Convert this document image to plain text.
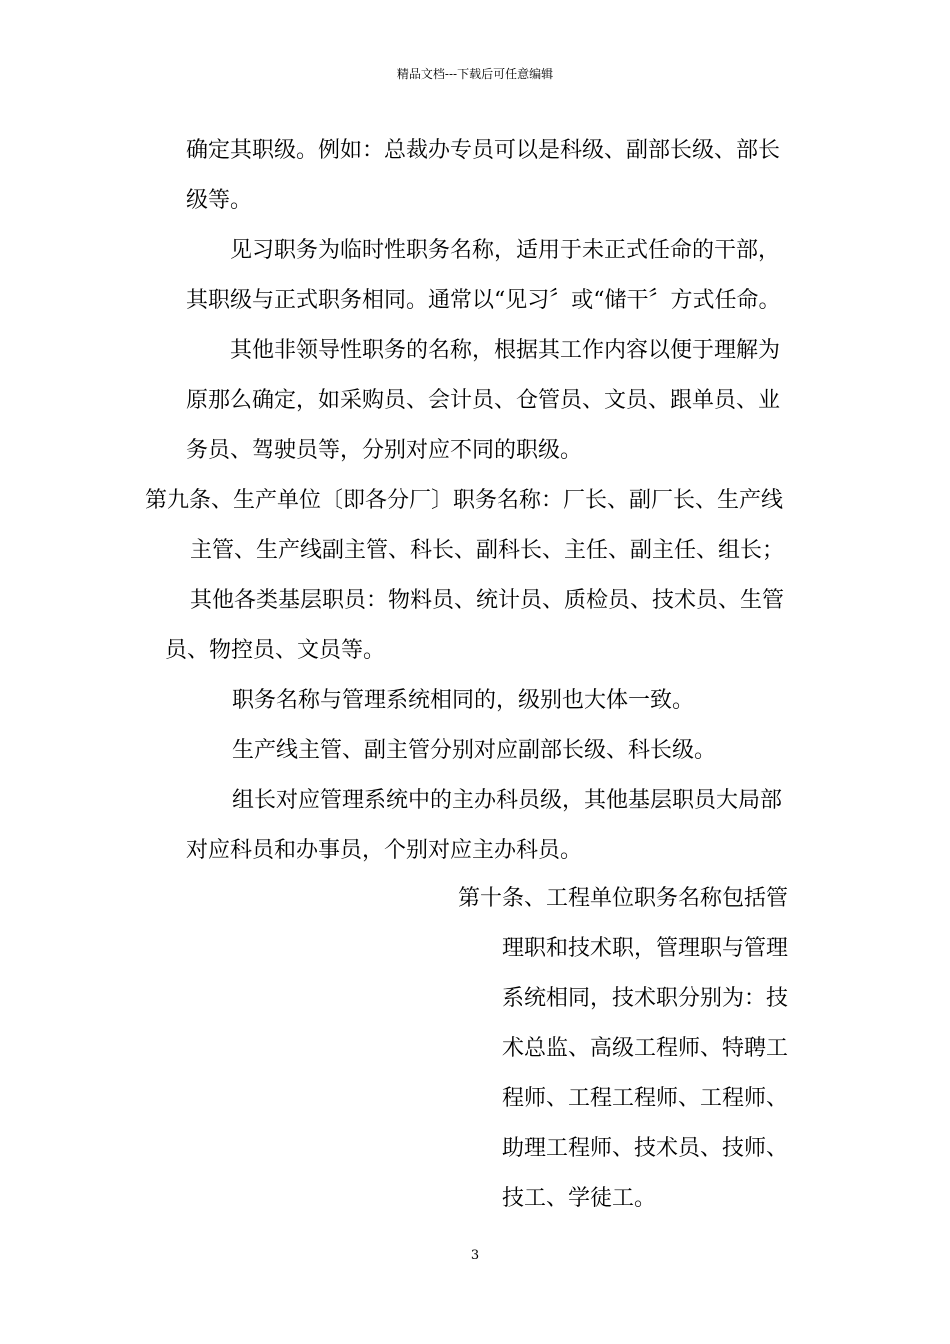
精品文档---下载后可任意编辑
确定其职级。例如：总裁办专员可以是科级、副部长级、部长
级等。
见习职务为临时性职务名称，适用于未正式任命的干部，
其职级与正式职务相同。通常以“见习〞或“储干〞方式任命。
其他非领导性职务的名称，根据其工作内容以便于理解为
原那么确定，如采购员、会计员、仓管员、文员、跟单员、业
务员、驾驶员等，分别对应不同的职级。
第九条、生产单位〔即各分厂〕职务名称：厂长、副厂长、生产线
主管、生产线副主管、科长、副科长、主任、副主任、组长；
其他各类基层职员：物料员、统计员、质检员、技术员、生管
员、物控员、文员等。
职务名称与管理系统相同的，级别也大体一致。
生产线主管、副主管分别对应副部长级、科长级。
组长对应管理系统中的主办科员级，其他基层职员大局部
对应科员和办事员，个别对应主办科员。
第十条、工程单位职务名称包括管
理职和技术职，管理职与管理
系统相同，技术职分别为：技
术总监、高级工程师、特聘工
程师、工程工程师、工程师、
助理工程师、技术员、技师、
技工、学徒工。
3
